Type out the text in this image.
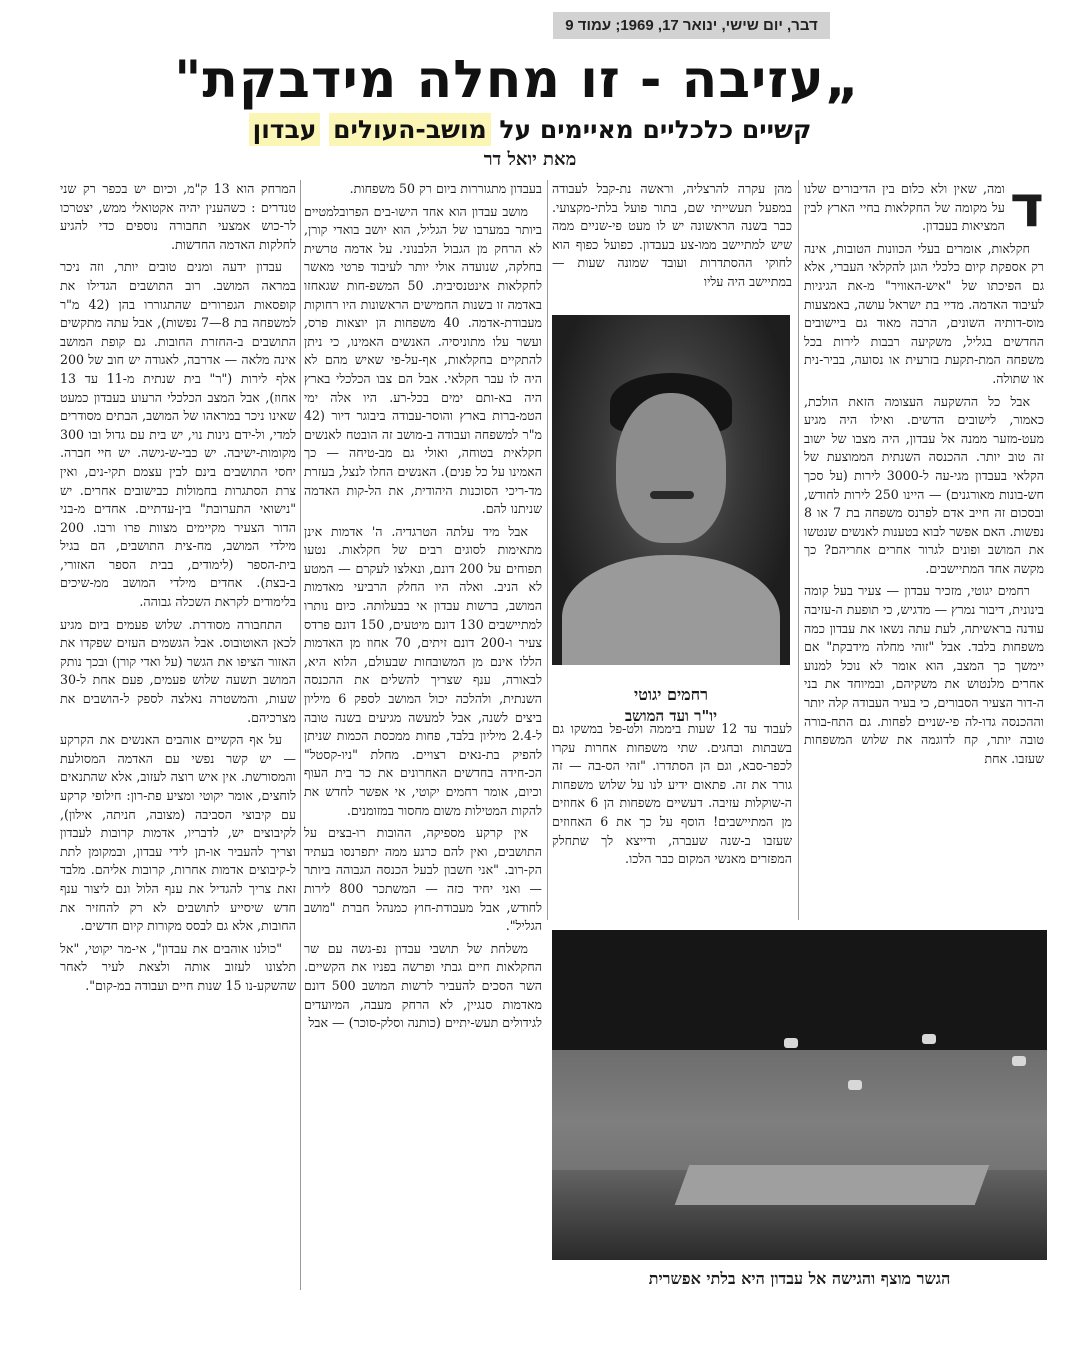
דבר, יום שישי, ינואר 17, 1969; עמוד 9
„עזיבה - זו מחלה מידבקת"
קשיים כלכליים מאיימים על מושב-העולים עבדון
מאת יואל דר

ד
ומה, שאין ולא כלום בין הדיבורים שלנו על מקומה של החקלאות בחיי הארץ לבין המציאות בעבדון.

חקלאות, אומרים בעלי הכוונות הטובות, אינה רק אספקת קיום כלכלי הוגן להקלאי העברי, אלא גם הפיכתו של "איש-האוויר" מ-את הגיגיות לעיבוד האדמה. מדיי בת ישראל עושה, באמצעות מוס-דותיה השונים, הרבה מאוד גם ביישובים החדשים בגליל, משקיעה רבבות לירות בכל משפחה המת-תקעת בזרעית או נסועה, בביר-נית או שתולה.

אבל כל ההשקעה העצומה הזאת הולכת, כאמור, לישובים הדשים. ואילו היה מגיע מעט-מזער ממנה אל עבדון, היה מצבו של ישוב זה טוב יותר. ההכנסה השנתית הממוצעת של הקלאי בעבדון מגי-עה ל-3000 לירות (על סכך חש-בונות מאורגנים) — היינו 250 לירות לחודש, ובסכום זה חייב אדם לפרנס משפחה בת 7 או 8 נפשות. האם אפשר לבוא בטענות לאנשים שנטשו את המושב ופונים לגרור אחרים אחריהם? כך מקשה אחד המתיישבים.

רחמים יגוטי, מזכיר עבדון — צעיר בעל קומה בינונית, דיבור נמרץ — מדגיש, כי תופעת ה-עזיבה עודנה בראשיתה, לעת עתה נשאו את עבדון כמה משפחות בלבד. אבל "זוהי מחלה מידבקת" אם יימשך כך המצב, הוא אומר לא נוכל למנוע אחרים מלנטוש את משקיהם, ובמיוחד את בני ה-דור הצעיר הסבורים, כי בעיר העבודה קלה יותר וההכנסה גדו-לה פי-שניים לפחות. גם התח-בורה טובה יותר, קח לדוגמה את שלוש המשפחות שעזבו. אחת

מהן עקרה להרצליה, וראשה נת-קבל לעבודה במפעל תעשייתי שם, בתור פועל בלתי-מקצועי. כבר בשנה הראשונה יש לו מעט פי-שניים ממה שיש למתיישב ממו-צע בעבדון. כפועל כפוף הוא לחוקי ההסתדרות ועובד שמונה שעות — במתיישב היה עליו

רחמים יגוטי
יו"ר ועד המושב

לעבוד עד 12 שעות ביממה ולט-פל במשקו גם בשבתות ובחגים. שתי משפחות אחרות עקרו לכפר-סבא, וגם הן הסתדרו. "זהי הס-בה — זה גורר את זה. פתאום ידיע לנו על שלוש משפחות ה-שוקלות עזיבה. דעשיים משפחות הן 6 אחוזים מן המתיישבים! הוסף על כך את 6 האחוזים שעזבו ב-שנה שעברה, ודייצא לך שתחלק המפזרים מאנשי המקום כבר הלכו.

בעבדון מתגוררות ביום רק 50 משפחות.

מושב עבדון הוא אחד הישו-בים הפרובלמטיים ביותר במערבו של הגליל, הוא יושב בואדי קורן, לא הרחק מן הגבול הלבנוני. על אדמה טרשית בחלקה, שנועדה אולי יותר לעיבוד פרטי מאשר לחקלאות אינטנסיבית. 50 המשפ-חות שגאחזו באדמה זו בשנות החמישים הראשונות היו רחוקות מעבודת-אדמה. 40 משפחות הן יוצאות פרס, ועשר עלו מתוניסיה. האנשים האמינו, כי ניתן להתקיים בחקלאות, אף-על-פי שאיש מהם לא היה לו עבר חקלאי. אבל הם צבו הכלכלי בארץ היה בא-ותם ימים בכל-רע. היו אלה ימי הטמ-ברות בארץ והוסר-עבודה ביבוגר דיור (42 מ"ר למשפחה ועבודה ב-מושב זה הובטח לאנשים חקלאית בטוחה, ואולי גם מב-טיחה — כך האמינו על כל פנים). האנשים החלו לנצל, בעזרת מד-ריכי הסוכנות היהודית, את הל-קות האדמה שניתנו להם.

אבל מיד עלתה הטרגדיה. ה' אדמות אינן מתאימות לסוגים רבים של חקלאות. נטעו תפוחים על 200 דונם, ונאלצו לעקרם — המטע לא הניב. ואלה היו החלק הרביעי מאדמות המושב, ברשות עבדון אי בבעלותה. כיום נותרו למתיישבים 130 דונם מיטעים, 150 דונם פרדס צעיר ו-200 דונם זיתים, 70 אחוז מן האדמות הללו אינם מן המשובחות שבעולם, הלוא היא, לבאורה, ענף שצריך להשלים את ההכנסה השנתית, ולהלכה יכול המושב לספק 6 מיליון ביצים לשנה, אבל למעשה מגיעים בשנה טובה ל-2.4 מיליון בלבד, פחות ממכסת הכמות שניתן להפיק בת-נאים רצויים. מחלת "ניו-קסטל" הכ-חידה בחדשים האחרונים את כר בית העוף וכיום, אומר רחמים יקוטי, אי אפשר לחדש את להקות המטילות משום מחסור במזומנים.

אין קרקע מספיקה, ההובות רו-בצים על התושבים, ואין להם כרגע ממה יתפרנסו בעתיד הק-רוב. "אני חשבון לבעל הכנסה הגבוהה ביותר — ואני יחיד כזה — המשתכר 800 לירות לחודש, אבל מעבודת-חוץ כמנהל חברת "מושב הגליל".

משלחת של תושבי עבדון נפ-גשה עם שר החקלאות חיים גבתי ופרשה בפניו את הקשיים. השר הסכים להעביר לרשות המושב 500 דונם מאדמות סנגיין, לא הרחק מעבה, המיועדים לגידולים תעש-יתיים (כותנה וסלק-סוכר) — אבל

המרחק הוא 13 ק"מ, וכיום יש בכפר רק שני טנדרים : כשהענין יהיה אקטואלי ממש, יצטרכו לר-כוש אמצעי תחבורה נוספים כדי להגיע לחלקות האדמה החדשות.

עבדון ידעה ומנים טובים יותר, וזה ניכר במראה המושב. רוב התושבים הגדילו את קופסאות הגפרורים שהתגוררו בהן (42 מ"ר למשפחה בת 8—7 נפשות), אבל עתה מתקשים התושבים ב-החזרת החובות. גם קופת המושב אינה מלאה — אדרבה, לאגודה יש חוב של 200 אלף לירות ("ר" בית שנתית מ-11 עד 13 אחוז), אבל המצב הכלכלי הרעוע בעבדון כמעט שאינו ניכר במראהו של המושב, הבתים מסודרים למדי, ול-ידם גינות נוי, יש בית עם גדול ובו 300 מקומות-ישיבה. יש כבי-ש-גישה. יש חיי חברה. יחסי התושבים בינם לבין עצמם תקי-נים, ואין צרת הסתגרות בחמולות כבישובים אחרים. יש "נישואי התערובת" בין-עדתיים. אחדים מ-בני הדור הצעיר מקיימים מצוות פרו ורבו. 200 מילדי המושב, מח-צית התושבים, הם בגיל בית-הספר (לימודים, בבית הספר האזורי, ב-בצת). אחדים מילדי המושב ממ-שיכים בלימודים לקראת השכלה גבוהה.

התחבורה מסודרת. שלוש פעמים ביום מגיע לכאן האוטובוס. אבל הגשמים העזים שפקדו את האזור הציפו את הגשר (על ואדי קורן) ובכך נותק המושב תשעה שלוש פעמים, פעם אחת ל-30 שעות, והמשטרה נאלצה לספק ל-הושבים את מצרכיהם.

על אף הקשיים אוהבים האנשים את הקרקע — יש קשר נפשי עם האדמה המסולעת והמסורשת. אין איש רוצה לעזוב, אלא שהתנאים לוחצים, אומר יקוטי ומציע פת-רון: חילופי קרקע עם קיבוצי הסביבה (מצובה, חניתה, אילון), לקיבוצים יש, לדבריו, אדמות קרובות לעבדון וצריך להעביר או-תן לידי עבדון, ובמקומן לתת ל-קיבוצים אדמות אחרות, קרובות אליהם. מלבד זאת צריך להגדיל את ענף הלול ונם ליצור ענף חדש שיסייע לתושבים לא רק להחזיר את החובות, אלא גם לבסס מקורות קיום חדשים.

"כולנו אוהבים את עבדון", אי-מר יקוטי, "אל תלצונו לעזוב אותה ולצאת לעיר לאחר שהשקע-נו 15 שנות חיים ועבודה במ-קום".

הגשר מוצף והגישה אל עבדון היא בלתי אפשרית
